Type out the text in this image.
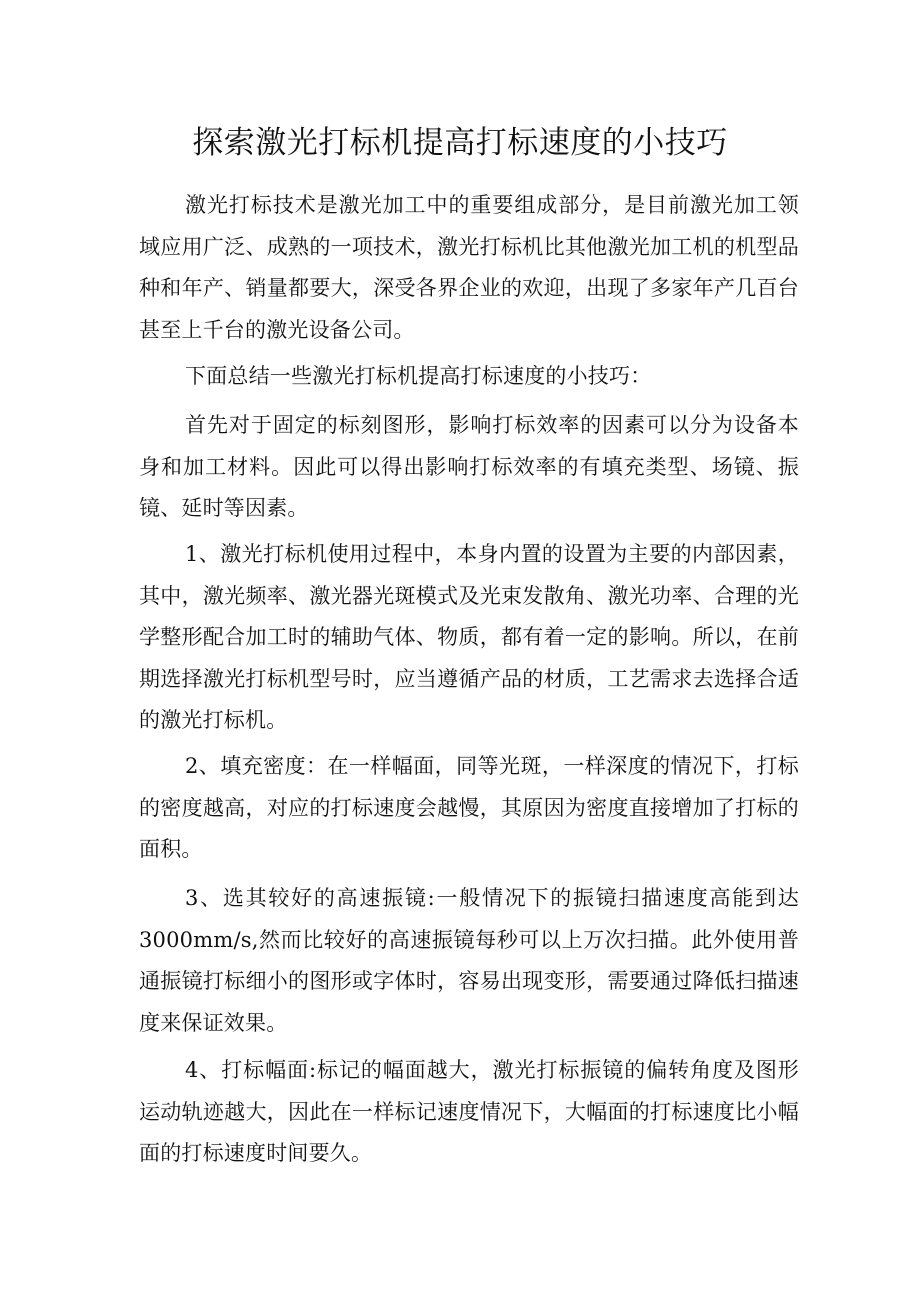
探索激光打标机提高打标速度的小技巧

激光打标技术是激光加工中的重要组成部分，是目前激光加工领域应用广泛、成熟的一项技术，激光打标机比其他激光加工机的机型品种和年产、销量都要大，深受各界企业的欢迎，出现了多家年产几百台甚至上千台的激光设备公司。

下面总结一些激光打标机提高打标速度的小技巧：

首先对于固定的标刻图形，影响打标效率的因素可以分为设备本身和加工材料。因此可以得出影响打标效率的有填充类型、场镜、振镜、延时等因素。

1、激光打标机使用过程中，本身内置的设置为主要的内部因素，其中，激光频率、激光器光斑模式及光束发散角、激光功率、合理的光学整形配合加工时的辅助气体、物质，都有着一定的影响。所以，在前期选择激光打标机型号时，应当遵循产品的材质，工艺需求去选择合适的激光打标机。

2、填充密度：在一样幅面，同等光斑，一样深度的情况下，打标的密度越高，对应的打标速度会越慢，其原因为密度直接增加了打标的面积。

3、选其较好的高速振镜:一般情况下的振镜扫描速度高能到达3000mm/s,然而比较好的高速振镜每秒可以上万次扫描。此外使用普通振镜打标细小的图形或字体时，容易出现变形，需要通过降低扫描速度来保证效果。

4、打标幅面:标记的幅面越大，激光打标振镜的偏转角度及图形运动轨迹越大，因此在一样标记速度情况下，大幅面的打标速度比小幅面的打标速度时间要久。
